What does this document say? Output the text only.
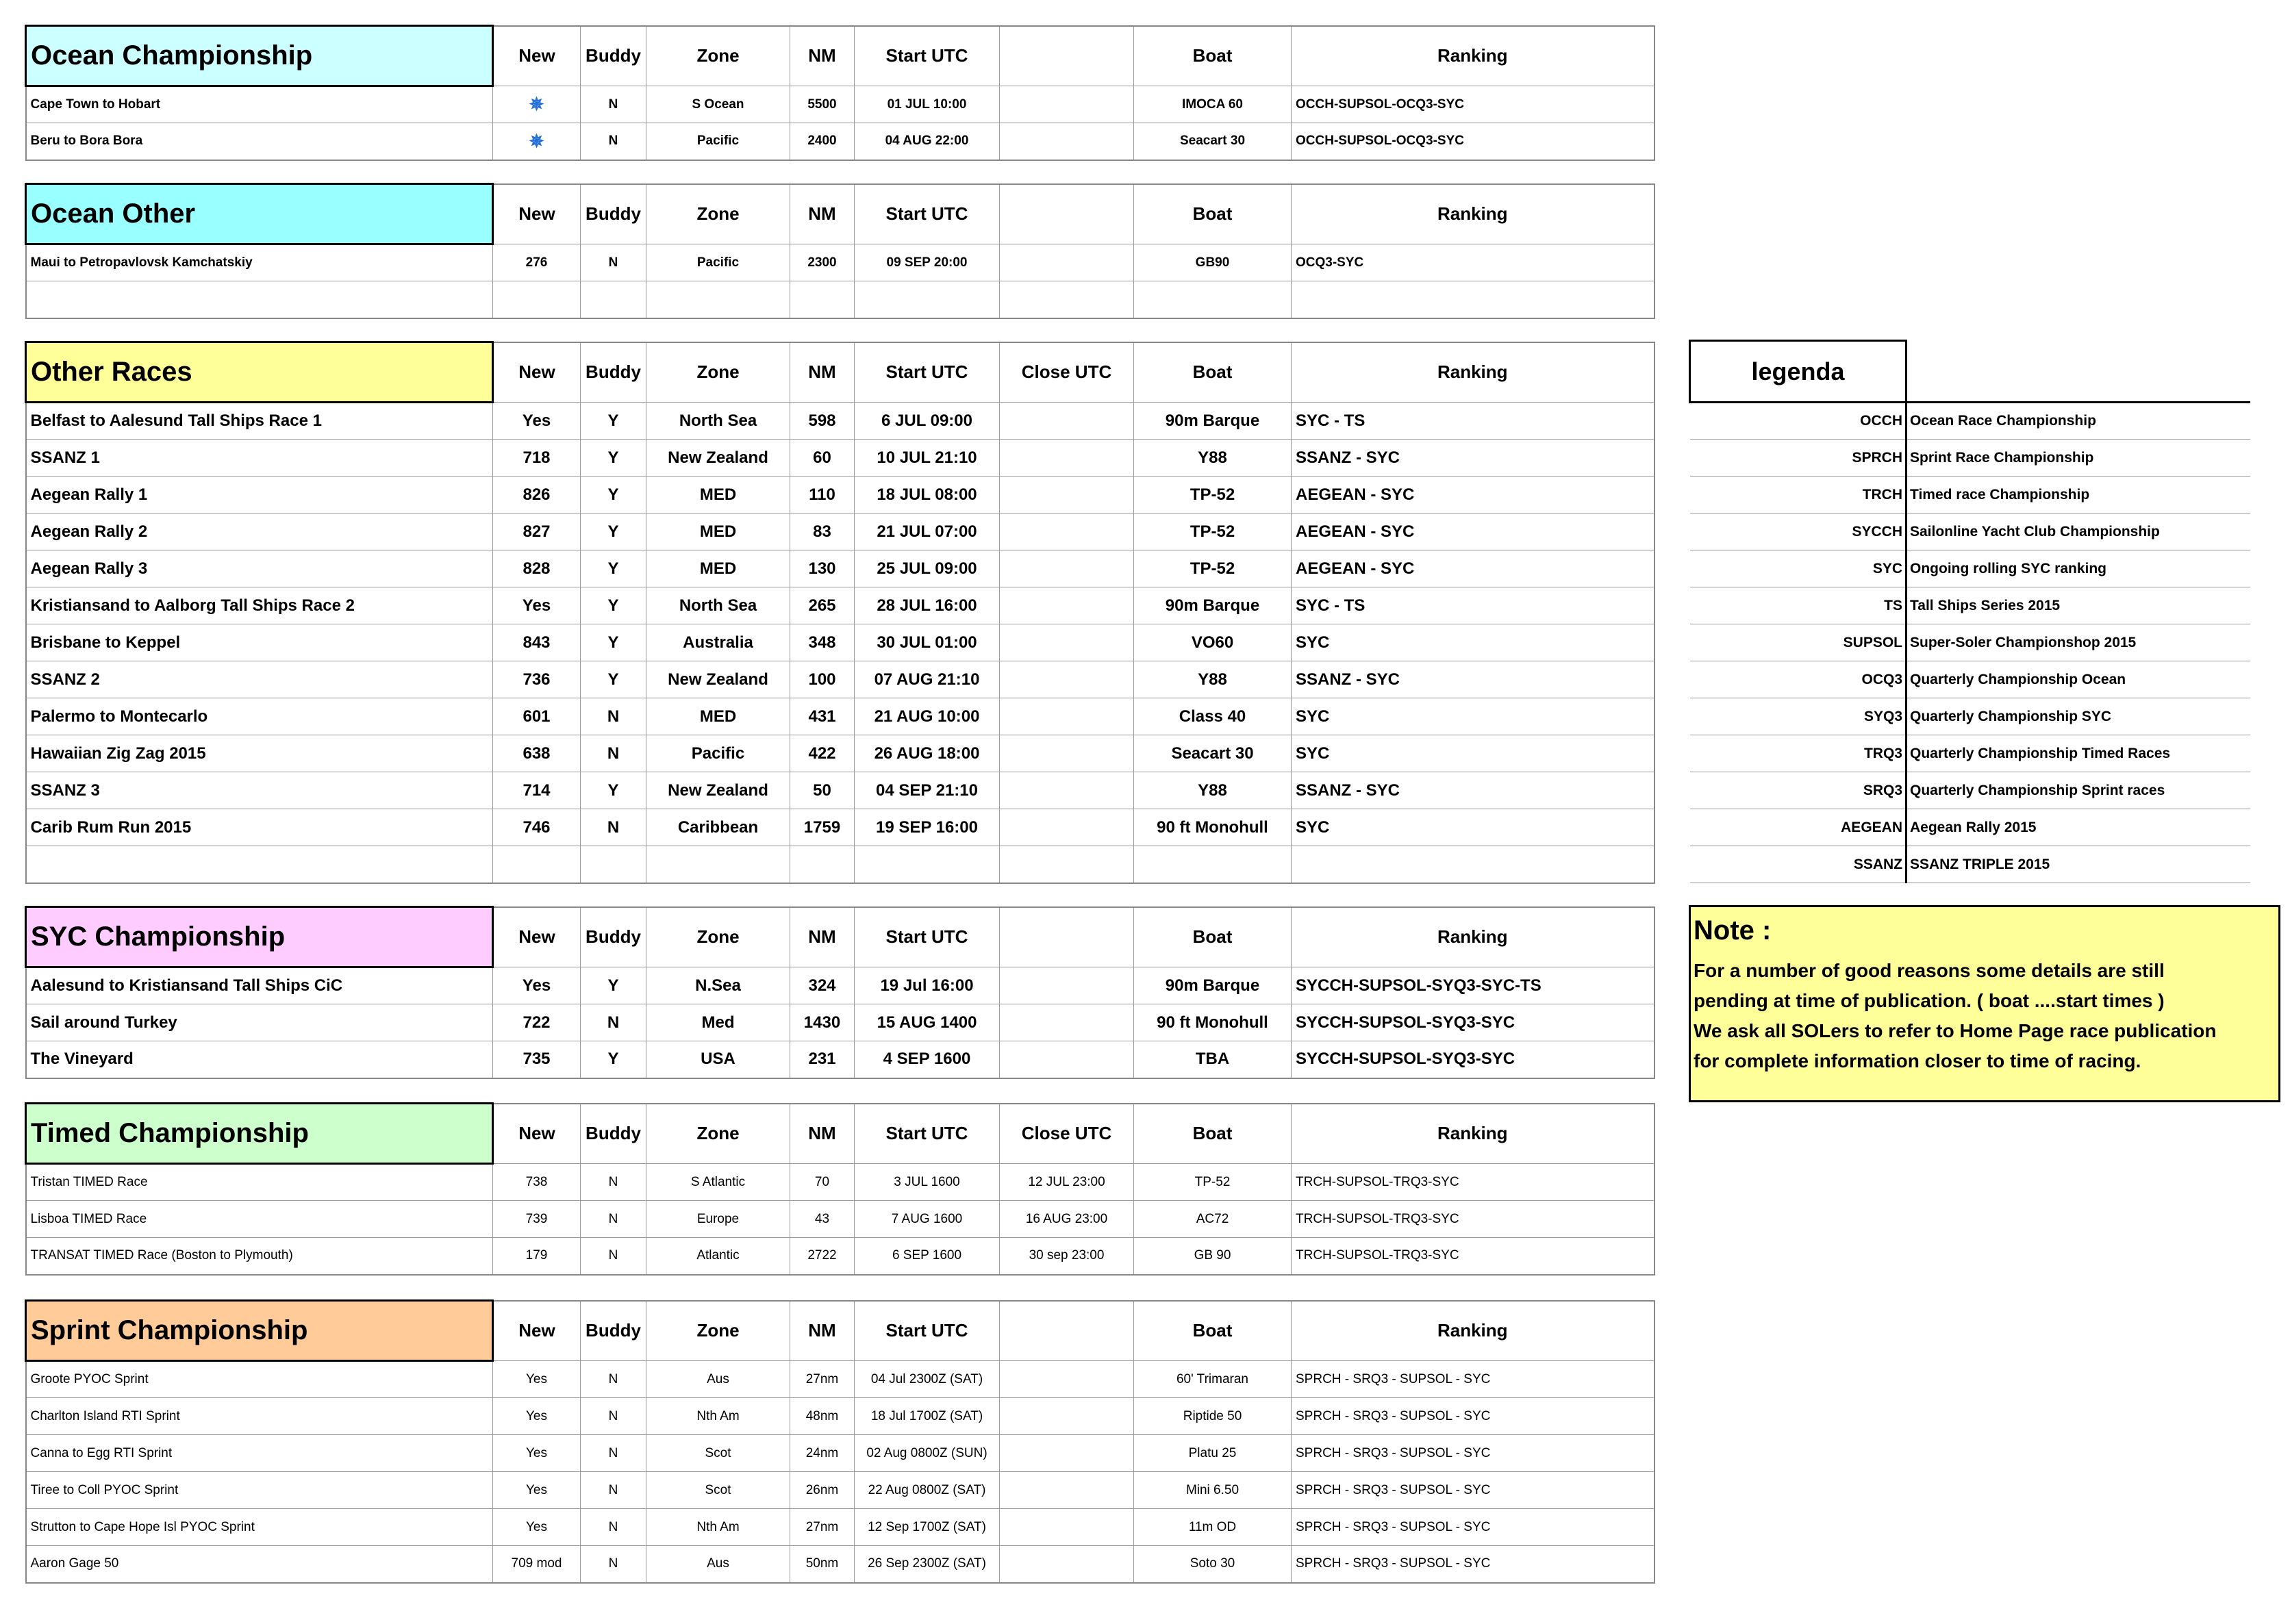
Ocean Championship	New	Buddy	Zone	NM	Start UTC		Boat	Ranking
Cape Town to Hobart	✵	N	S Ocean	5500	01 JUL 10:00		IMOCA 60	OCCH-SUPSOL-OCQ3-SYC
Beru to Bora Bora	✵	N	Pacific	2400	04 AUG 22:00		Seacart 30	OCCH-SUPSOL-OCQ3-SYC
Ocean Other	New	Buddy	Zone	NM	Start UTC		Boat	Ranking
Maui to Petropavlovsk Kamchatskiy	276	N	Pacific	2300	09 SEP 20:00		GB90	OCQ3-SYC

Other Races	New	Buddy	Zone	NM	Start UTC	Close UTC	Boat	Ranking
Belfast to Aalesund Tall Ships Race 1	Yes	Y	North Sea	598	6 JUL 09:00		90m Barque	SYC - TS
SSANZ 1	718	Y	New Zealand	60	10 JUL 21:10		Y88	SSANZ - SYC
Aegean Rally 1	826	Y	MED	110	18 JUL 08:00		TP-52	AEGEAN - SYC
Aegean Rally 2	827	Y	MED	83	21 JUL 07:00		TP-52	AEGEAN - SYC
Aegean Rally 3	828	Y	MED	130	25 JUL 09:00		TP-52	AEGEAN - SYC
Kristiansand to Aalborg Tall Ships Race 2	Yes	Y	North Sea	265	28 JUL 16:00		90m Barque	SYC - TS
Brisbane to Keppel	843	Y	Australia	348	30 JUL 01:00		VO60	SYC
SSANZ 2	736	Y	New Zealand	100	07 AUG 21:10		Y88	SSANZ - SYC
Palermo to Montecarlo	601	N	MED	431	21 AUG 10:00		Class 40	SYC
Hawaiian Zig Zag 2015	638	N	Pacific	422	26 AUG 18:00		Seacart 30	SYC
SSANZ 3	714	Y	New Zealand	50	04 SEP 21:10		Y88	SSANZ - SYC
Carib Rum Run 2015	746	N	Caribbean	1759	19 SEP 16:00		90 ft Monohull	SYC

SYC Championship	New	Buddy	Zone	NM	Start UTC		Boat	Ranking
Aalesund to Kristiansand Tall Ships CiC	Yes	Y	N.Sea	324	19 Jul 16:00		90m Barque	SYCCH-SUPSOL-SYQ3-SYC-TS
Sail around Turkey	722	N	Med	1430	15 AUG 1400		90 ft Monohull	SYCCH-SUPSOL-SYQ3-SYC
The Vineyard	735	Y	USA	231	4 SEP 1600		TBA	SYCCH-SUPSOL-SYQ3-SYC
Timed Championship	New	Buddy	Zone	NM	Start UTC	Close UTC	Boat	Ranking
Tristan TIMED Race	738	N	S Atlantic	70	3 JUL 1600	12 JUL 23:00	TP-52	TRCH-SUPSOL-TRQ3-SYC
Lisboa TIMED Race	739	N	Europe	43	7 AUG 1600	16 AUG 23:00	AC72	TRCH-SUPSOL-TRQ3-SYC
TRANSAT TIMED Race (Boston to Plymouth)	179	N	Atlantic	2722	6 SEP 1600	30 sep 23:00	GB 90	TRCH-SUPSOL-TRQ3-SYC
Sprint Championship	New	Buddy	Zone	NM	Start UTC		Boat	Ranking
Groote PYOC Sprint	Yes	N	Aus	27nm	04 Jul 2300Z (SAT)		60' Trimaran	SPRCH - SRQ3 - SUPSOL - SYC
Charlton Island RTI Sprint	Yes	N	Nth Am	48nm	18 Jul 1700Z (SAT)		Riptide 50	SPRCH - SRQ3 - SUPSOL - SYC
Canna to Egg RTI Sprint	Yes	N	Scot	24nm	02 Aug 0800Z (SUN)		Platu 25	SPRCH - SRQ3 - SUPSOL - SYC
Tiree to Coll PYOC Sprint	Yes	N	Scot	26nm	22 Aug 0800Z (SAT)		Mini 6.50	SPRCH - SRQ3 - SUPSOL - SYC
Strutton to Cape Hope Isl PYOC Sprint	Yes	N	Nth Am	27nm	12 Sep 1700Z (SAT)		11m OD	SPRCH - SRQ3 - SUPSOL - SYC
Aaron Gage 50	709 mod	N	Aus	50nm	26 Sep 2300Z (SAT)		Soto 30	SPRCH - SRQ3 - SUPSOL - SYC
legenda	
OCCH	Ocean Race Championship
SPRCH	Sprint Race Championship
TRCH	Timed race Championship
SYCCH	Sailonline Yacht Club Championship
SYC	Ongoing rolling SYC ranking
TS	Tall Ships Series 2015
SUPSOL	Super-Soler Championshop 2015
OCQ3	Quarterly Championship Ocean
SYQ3	Quarterly Championship SYC
TRQ3	Quarterly Championship Timed Races
SRQ3	Quarterly Championship Sprint races
AEGEAN	Aegean Rally 2015
SSANZ	SSANZ TRIPLE 2015
Note :
For a number of good reasons some details are still
pending at time of publication. ( boat ....start times )
We ask all SOLers to refer to Home Page race publication
for complete information closer to time of racing.
